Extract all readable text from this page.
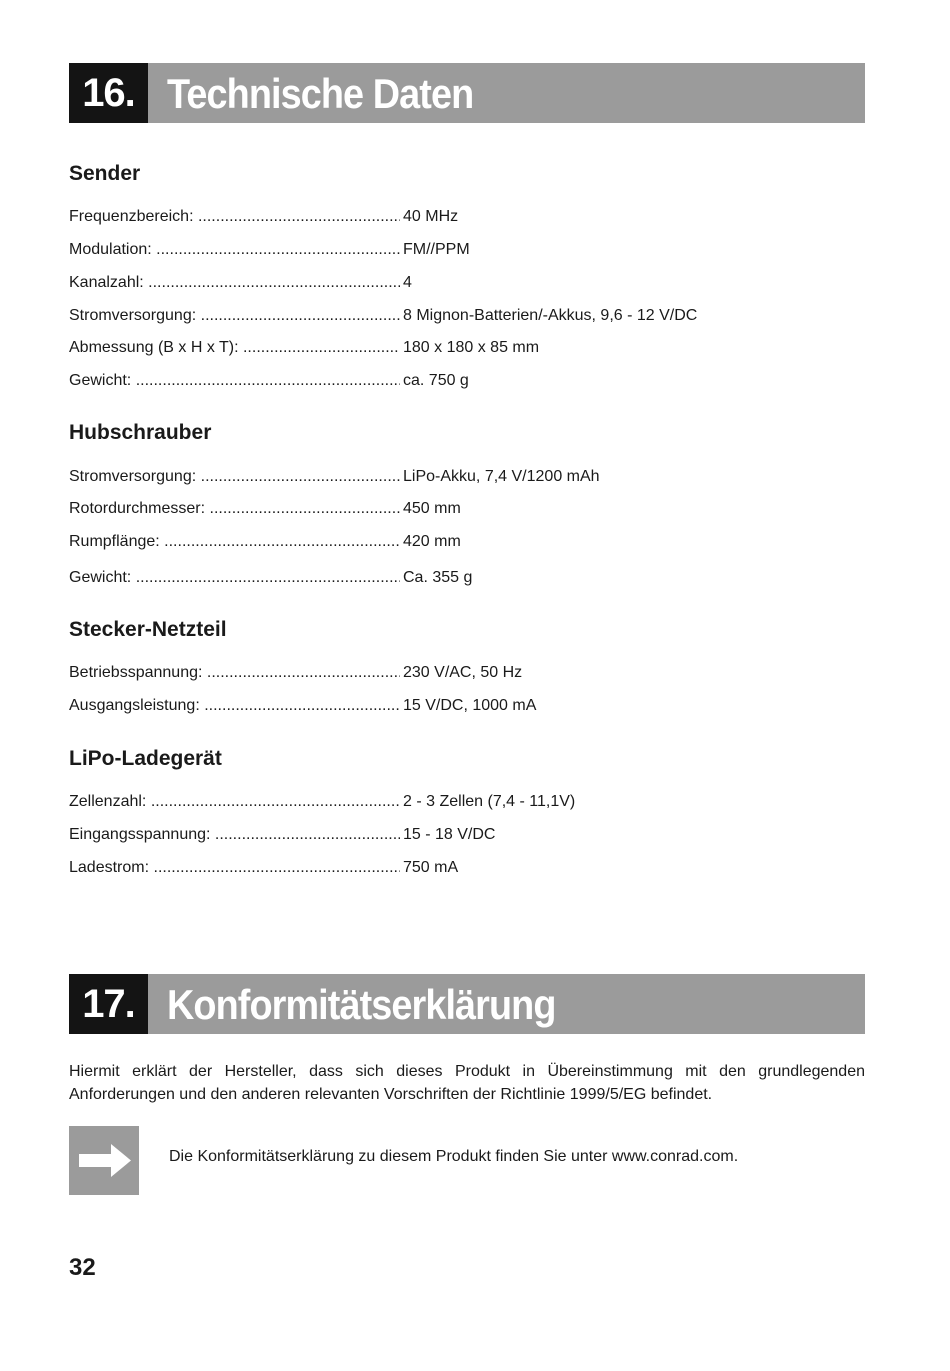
16. Technische Daten
Sender
Frequenzbereich: .....	40 MHz
Modulation: .....	FM//PPM
Kanalzahl: .....	4
Stromversorgung: .....	8 Mignon-Batterien/-Akkus, 9,6 - 12 V/DC
Abmessung (B x H x T): .....	180 x 180 x 85 mm
Gewicht: .....	ca. 750 g
Hubschrauber
Stromversorgung: .....	LiPo-Akku, 7,4 V/1200 mAh
Rotordurchmesser: .....	450 mm
Rumpflänge: .....	420 mm
Gewicht: .....	Ca. 355 g
Stecker-Netzteil
Betriebsspannung: .....	230 V/AC, 50 Hz
Ausgangsleistung: .....	15 V/DC, 1000 mA
LiPo-Ladegerät
Zellenzahl: .....	2 - 3 Zellen (7,4 - 11,1V)
Eingangsspannung: .....	15 - 18 V/DC
Ladestrom: .....	750 mA
17. Konformitätserklärung
Hiermit erklärt der Hersteller, dass sich dieses Produkt in Übereinstimmung mit den grundlegenden Anforderungen und den anderen relevanten Vorschriften der Richtlinie 1999/5/EG befindet.
Die Konformitätserklärung zu diesem Produkt finden Sie unter www.conrad.com.
32
